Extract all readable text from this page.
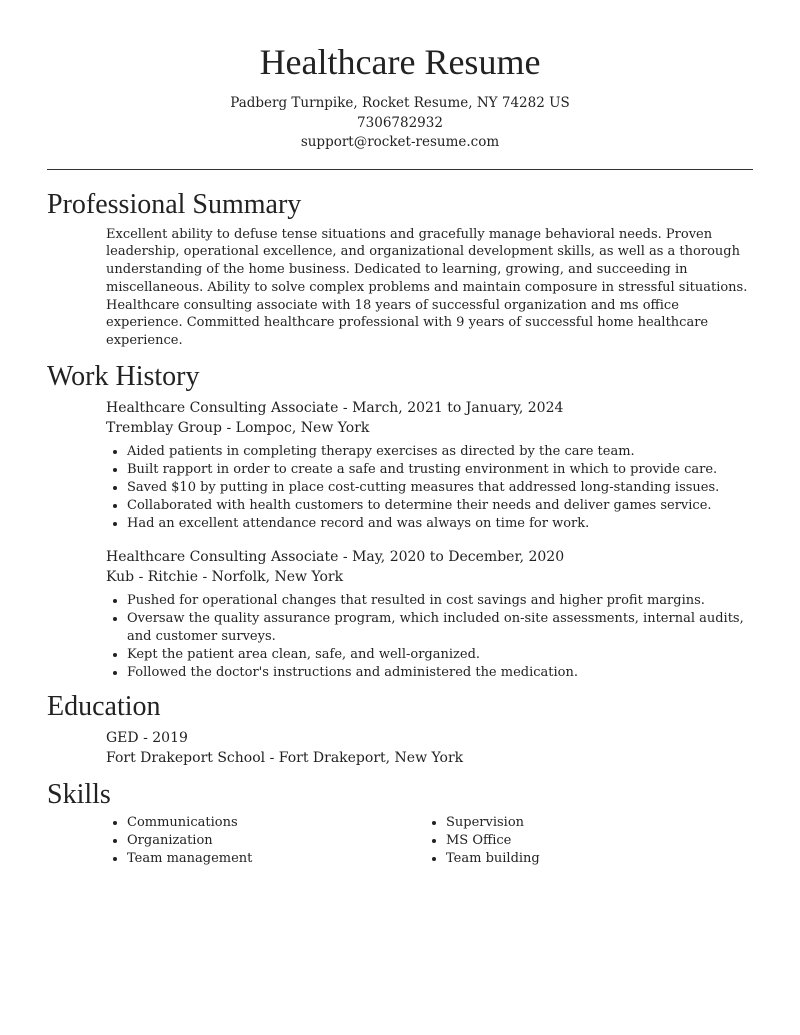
Healthcare Resume
Padberg Turnpike, Rocket Resume, NY 74282 US
7306782932
support@rocket-resume.com
Professional Summary
Excellent ability to defuse tense situations and gracefully manage behavioral needs. Proven leadership, operational excellence, and organizational development skills, as well as a thorough understanding of the home business. Dedicated to learning, growing, and succeeding in miscellaneous. Ability to solve complex problems and maintain composure in stressful situations. Healthcare consulting associate with 18 years of successful organization and ms office experience. Committed healthcare professional with 9 years of successful home healthcare experience.
Work History
Healthcare Consulting Associate - March, 2021 to January, 2024
Tremblay Group - Lompoc, New York
• Aided patients in completing therapy exercises as directed by the care team.
• Built rapport in order to create a safe and trusting environment in which to provide care.
• Saved $10 by putting in place cost-cutting measures that addressed long-standing issues.
• Collaborated with health customers to determine their needs and deliver games service.
• Had an excellent attendance record and was always on time for work.
Healthcare Consulting Associate - May, 2020 to December, 2020
Kub - Ritchie - Norfolk, New York
• Pushed for operational changes that resulted in cost savings and higher profit margins.
• Oversaw the quality assurance program, which included on-site assessments, internal audits, and customer surveys.
• Kept the patient area clean, safe, and well-organized.
• Followed the doctor's instructions and administered the medication.
Education
GED - 2019
Fort Drakeport School - Fort Drakeport, New York
Skills
• Communications
• Organization
• Team management
• Supervision
• MS Office
• Team building
